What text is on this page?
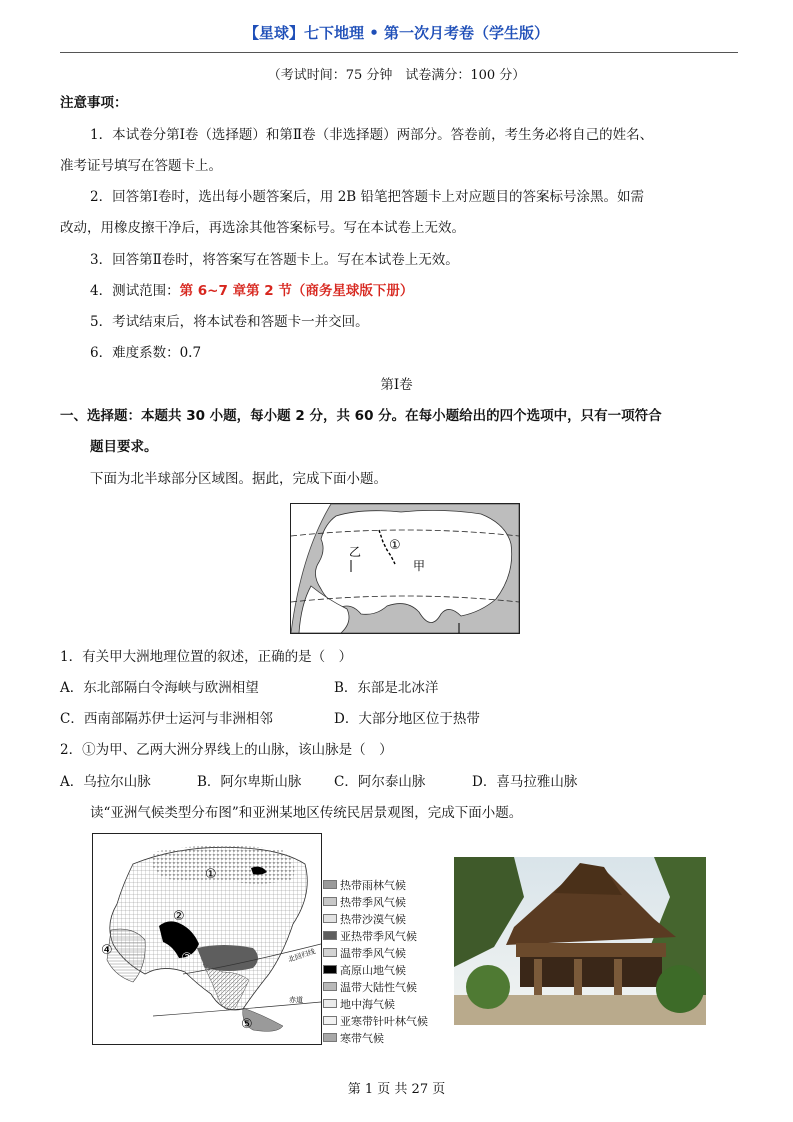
【星球】七下地理 • 第一次月考卷（学生版）
（考试时间：75 分钟　试卷满分：100 分）
注意事项：
1．本试卷分第Ⅰ卷（选择题）和第Ⅱ卷（非选择题）两部分。答卷前，考生务必将自己的姓名、
准考证号填写在答题卡上。
2．回答第Ⅰ卷时，选出每小题答案后，用 2B 铅笔把答题卡上对应题目的答案标号涂黑。如需
改动，用橡皮擦干净后，再选涂其他答案标号。写在本试卷上无效。
3．回答第Ⅱ卷时，将答案写在答题卡上。写在本试卷上无效。
4．测试范围：第 6~7 章第 2 节（商务星球版下册）
5．考试结束后，将本试卷和答题卡一并交回。
6．难度系数：0.7
第Ⅰ卷
一、选择题：本题共 30 小题，每小题 2 分，共 60 分。在每小题给出的四个选项中，只有一项符合
题目要求。
下面为北半球部分区域图。据此，完成下面小题。
①
乙
甲
1．有关甲大洲地理位置的叙述，正确的是（　）
A．东北部隔白令海峡与欧洲相望	B．东部是北冰洋
C．西南部隔苏伊士运河与非洲相邻	D．大部分地区位于热带
2．①为甲、乙两大洲分界线上的山脉，该山脉是（　）
A．乌拉尔山脉	B．阿尔卑斯山脉 C．阿尔泰山脉	D．喜马拉雅山脉
读“亚洲气候类型分布图”和亚洲某地区传统民居景观图，完成下面小题。
①
②
③
④
⑤
北回归线
赤道
热带雨林气候
热带季风气候
热带沙漠气候
亚热带季风气候
温带季风气候
高原山地气候
温带大陆性气候
地中海气候
亚寒带针叶林气候
寒带气候
第 1 页 共 27 页
